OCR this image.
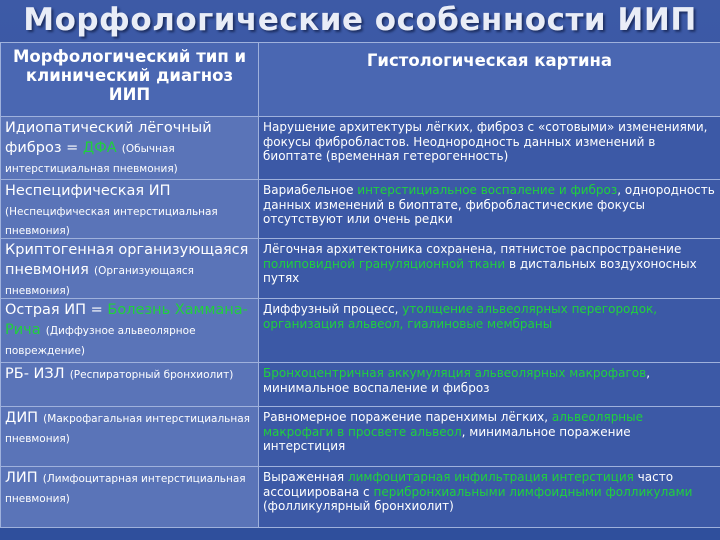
Морфологические особенности ИИП
Морфологический тип и клинический диагноз ИИП	Гистологическая картина
Идиопатический лёгочный фиброз = ДФА (Обычная интерстициальная пневмония)	Нарушение архитектуры лёгких, фиброз с «сотовыми» изменениями, фокусы фибробластов. Неоднородность данных изменений в биоптате (временная гетерогенность)
Неспецифическая ИП (Неспецифическая интерстициальная пневмония)	Вариабельное интерстициальное воспаление и фиброз, однородность данных изменений в биоптате, фибробластические фокусы отсутствуют или очень редки
Криптогенная организующаяся пневмония (Организующаяся пневмония)	Лёгочная архитектоника сохранена, пятнистое распространение полиповидной грануляционной ткани в дистальных воздухоносных путях
Острая ИП = Болезнь Хаммана-Рича (Диффузное альвеолярное повреждение)	Диффузный процесс, утолщение альвеолярных перегородок, организация альвеол, гиалиновые мембраны
РБ- ИЗЛ (Респираторный бронхиолит)	Бронхоцентричная аккумуляция альвеолярных макрофагов, минимальное воспаление и фиброз
ДИП (Макрофагальная интерстициальная пневмония)	Равномерное поражение паренхимы лёгких, альвеолярные макрофаги в просвете альвеол, минимальное поражение интерстиция
ЛИП (Лимфоцитарная интерстициальная пневмония)	Выраженная лимфоцитарная инфильтрация интерстиция часто ассоциирована с перибронхиальными лимфоидными фолликулами (фолликулярный бронхиолит)
